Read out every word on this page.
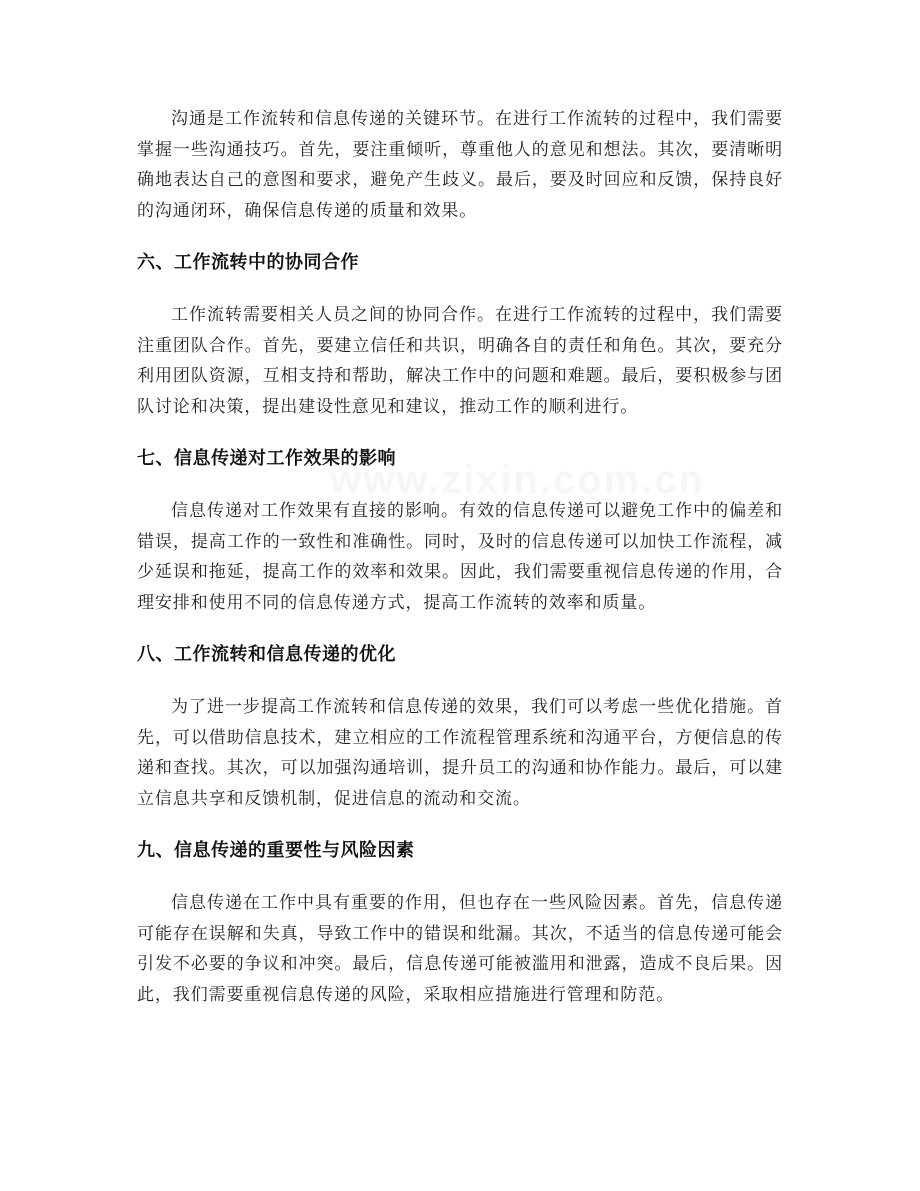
www.zixin.com.cn

沟通是工作流转和信息传递的关键环节。在进行工作流转的过程中，我们需要掌握一些沟通技巧。首先，要注重倾听，尊重他人的意见和想法。其次，要清晰明确地表达自己的意图和要求，避免产生歧义。最后，要及时回应和反馈，保持良好的沟通闭环，确保信息传递的质量和效果。

六、工作流转中的协同合作

工作流转需要相关人员之间的协同合作。在进行工作流转的过程中，我们需要注重团队合作。首先，要建立信任和共识，明确各自的责任和角色。其次，要充分利用团队资源，互相支持和帮助，解决工作中的问题和难题。最后，要积极参与团队讨论和决策，提出建设性意见和建议，推动工作的顺利进行。

七、信息传递对工作效果的影响

信息传递对工作效果有直接的影响。有效的信息传递可以避免工作中的偏差和错误，提高工作的一致性和准确性。同时，及时的信息传递可以加快工作流程，减少延误和拖延，提高工作的效率和效果。因此，我们需要重视信息传递的作用，合理安排和使用不同的信息传递方式，提高工作流转的效率和质量。

八、工作流转和信息传递的优化

为了进一步提高工作流转和信息传递的效果，我们可以考虑一些优化措施。首先，可以借助信息技术，建立相应的工作流程管理系统和沟通平台，方便信息的传递和查找。其次，可以加强沟通培训，提升员工的沟通和协作能力。最后，可以建立信息共享和反馈机制，促进信息的流动和交流。

九、信息传递的重要性与风险因素

信息传递在工作中具有重要的作用，但也存在一些风险因素。首先，信息传递可能存在误解和失真，导致工作中的错误和纰漏。其次，不适当的信息传递可能会引发不必要的争议和冲突。最后，信息传递可能被滥用和泄露，造成不良后果。因此，我们需要重视信息传递的风险，采取相应措施进行管理和防范。
